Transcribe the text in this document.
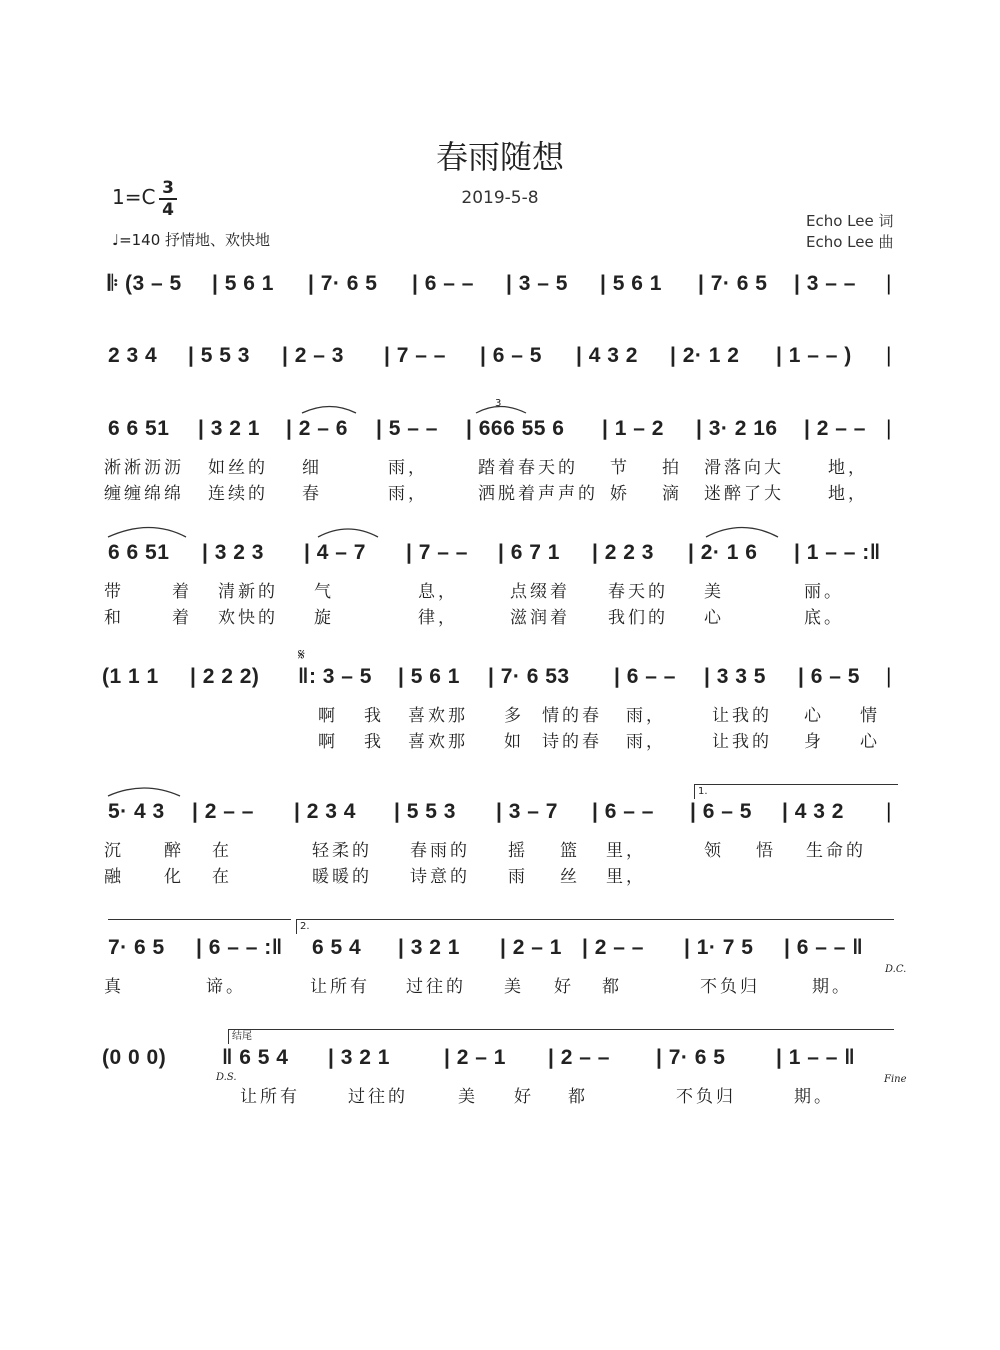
春雨随想
2019-5-8
1=C 3
4
♩=140 抒情地、欢快地
Echo Lee 词
Echo Lee 曲
𝄆 (3 – 5 | 5 6 1 | 7· 6 5 | 6 – – | 3 – 5 | 5 6 1 | 7· 6 5 | 3 – – |
2 3 4 | 5 5 3 | 2 – 3 | 7 – – | 6 – 5 | 4 3 2 | 2· 1 2 | 1 – – ) |
6 6 51 | 3 2 1 | 2 – 6 | 5 – – | 666 55 6 | 1 – 2 | 3· 2 16 | 2 – – |
淅淅沥沥 如丝的 细	雨，	踏着春天的 节 拍 滑落向大	地，
缠缠绵绵 连续的 春	雨，	洒脱着声声的 娇 滴 迷醉了大	地，
6 6 51 | 3 2 3 | 4 – 7 | 7 – – | 6 7 1 | 2 2 3 | 2· 1 6 | 1 – – :‖
带	着 清新的 气	息，	点缀着 春天的 美	丽。
和	着 欢快的 旋	律，	滋润着 我们的 心	底。
(1 1 1 | 2 2 2) ‖: 3 – 5 | 5 6 1 | 7· 6 53 | 6 – – | 3 3 5 | 6 – 5 |
啊 我 喜欢那 多 情的春 雨，	让我的 心 情
啊 我 喜欢那 如 诗的春 雨，	让我的 身 心
𝄋
5· 4 3 | 2 – – | 2 3 4 | 5 5 3 | 3 – 7 | 6 – – | 6 – 5 | 4 3 2 |
沉 醉 在	轻柔的 春雨的 摇 篮 里，	领 悟 生命的
融 化 在	暖暖的 诗意的 雨 丝 里，
1.
7· 6 5 | 6 – – :‖ 6 5 4 | 3 2 1 | 2 – 1 | 2 – – | 1· 7 5 | 6 – – ‖
真	谛。	让所有 过往的 美 好 都	不负归	期。
2.
D.C.
(0 0 0)	‖ 6 5 4 | 3 2 1	| 2 – 1 | 2 – – | 7· 6 5 | 1 – – ‖
让所有	过往的	美 好 都	不负归	期。
结尾
D.S.	Fine
3
